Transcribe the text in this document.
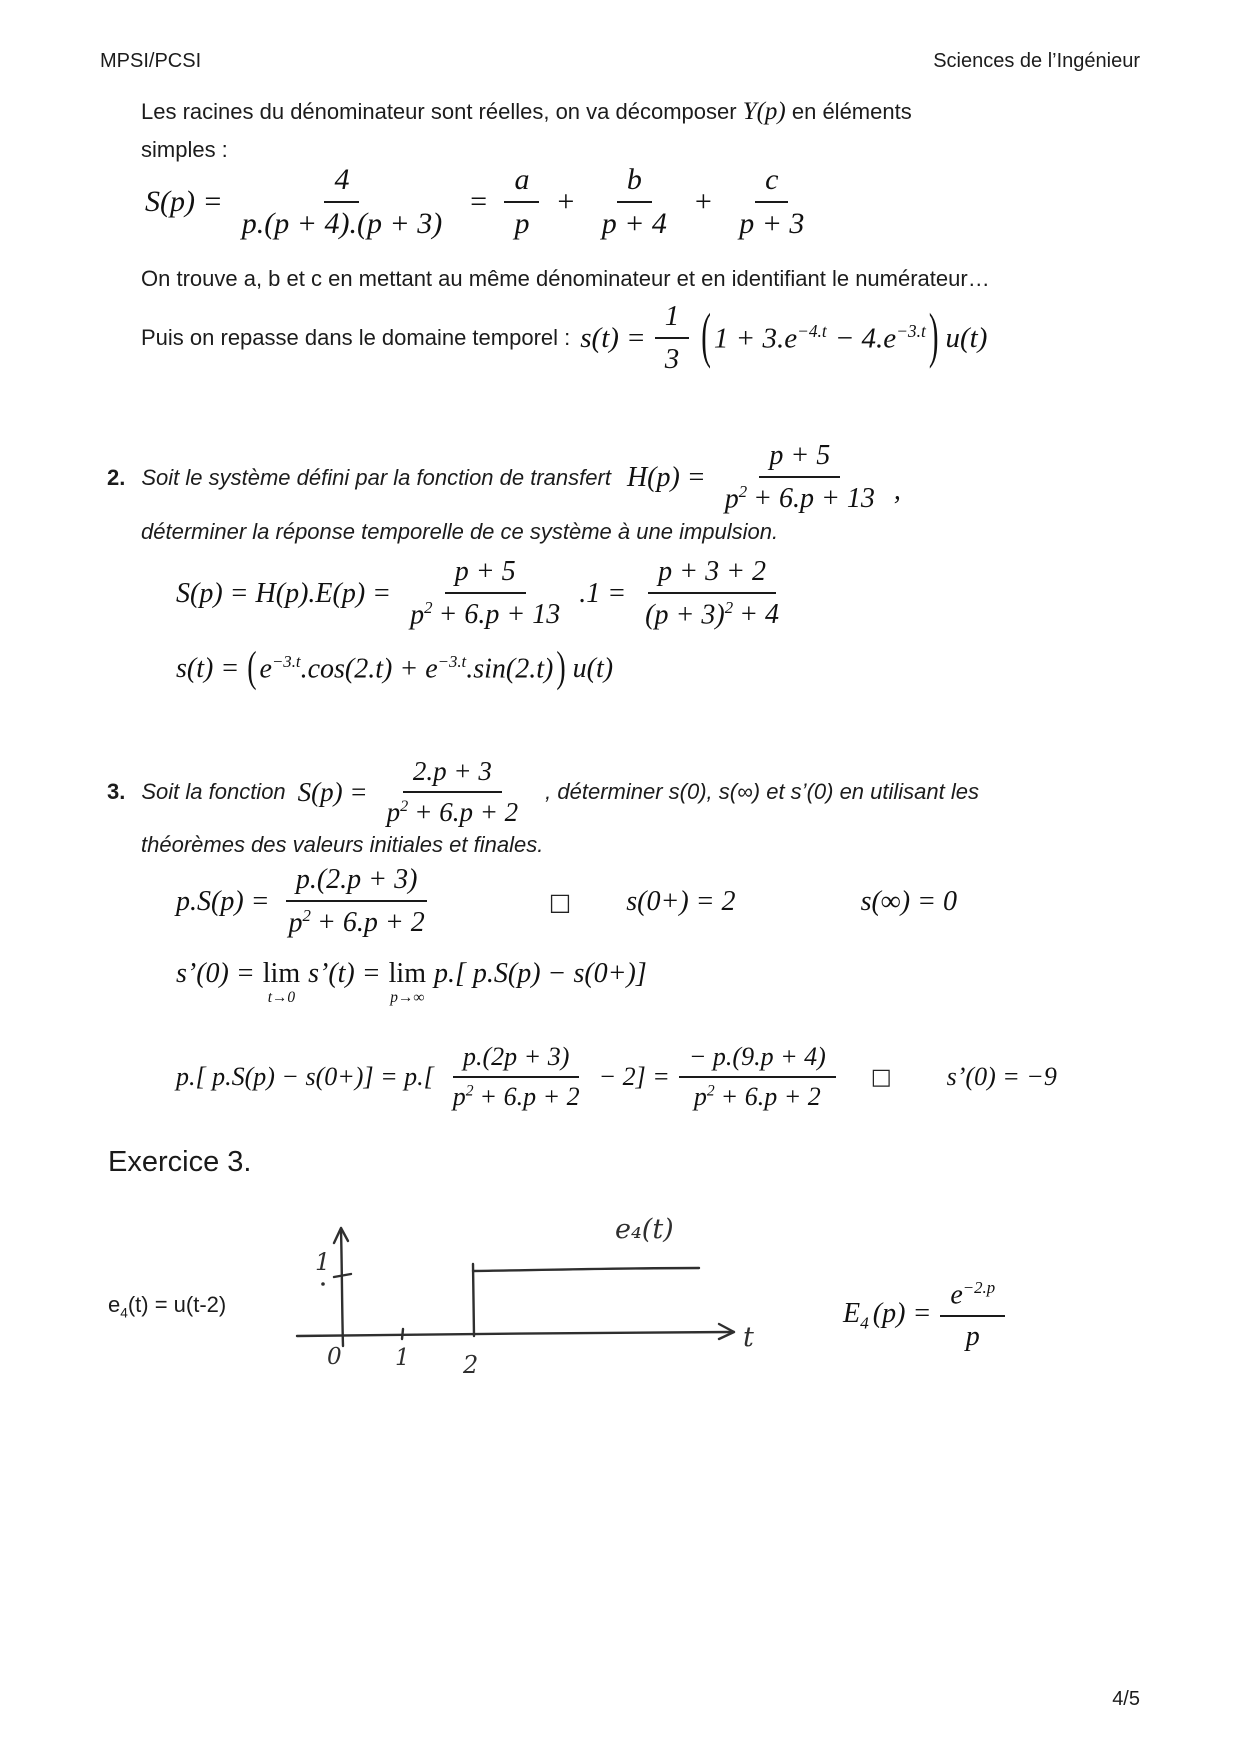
MPSI/PCSI	Sciences de l’Ingénieur
Les racines du dénominateur sont réelles, on va décomposer Y(p) en éléments
simples :
$S(p) = \frac{4}{p.(p + 4).(p + 3)} = \frac{a}{p} + \frac{b}{p + 4} + \frac{c}{p + 3}$
On trouve a, b et c en mettant au même dénominateur et en identifiant le numérateur…
Puis on repasse dans le domaine temporel : $s(t) = \frac{1}{3}$ ( $1 + 3.e^{-4.t} - 4.e^{-3.t}$ ) u(t)
2. Soit le système défini par la fonction de transfert $H(p) = \frac{p + 5}{p^2 + 6.p + 13}$ ,
déterminer la réponse temporelle de ce système à une impulsion.
$S(p) = H(p).E(p) = \frac{p + 5}{p^2 + 6.p + 13} .1 = \frac{p + 3 + 2}{(p + 3)^2 + 4}$
s(t) = ( $e^{-3.t}.\cos(2.t) + e^{-3.t}.\sin(2.t)$ ) u(t)
3. Soit la fonction $S(p) = \frac{2.p + 3}{p^2 + 6.p + 2}$ , déterminer s(0), s(∞) et s’(0) en utilisant les
théorèmes des valeurs initiales et finales.
$p.S(p) = \frac{p.(2.p + 3)}{p^2 + 6.p + 2}$	□ s(0+) = 2	s(∞) = 0
s’(0) = lim
t→0
s’(t) = lim
p→∞
p.[ p.S(p) − s(0+)]
p.[ $p.S(p) - s(0+)] = p.[ \frac{p.(2p + 3)}{p^2 + 6.p + 2} - 2] = \frac{- p.(9.p + 4)}{p^2 + 6.p + 2}$ □ s’(0) = −9
Exercice 3.
$e_4(t) = u(t-2)$
1
0 1 2
t
e₄(t)
$E_4$ $(p) = \frac{e^{-2.p}}{p}$
4/5
